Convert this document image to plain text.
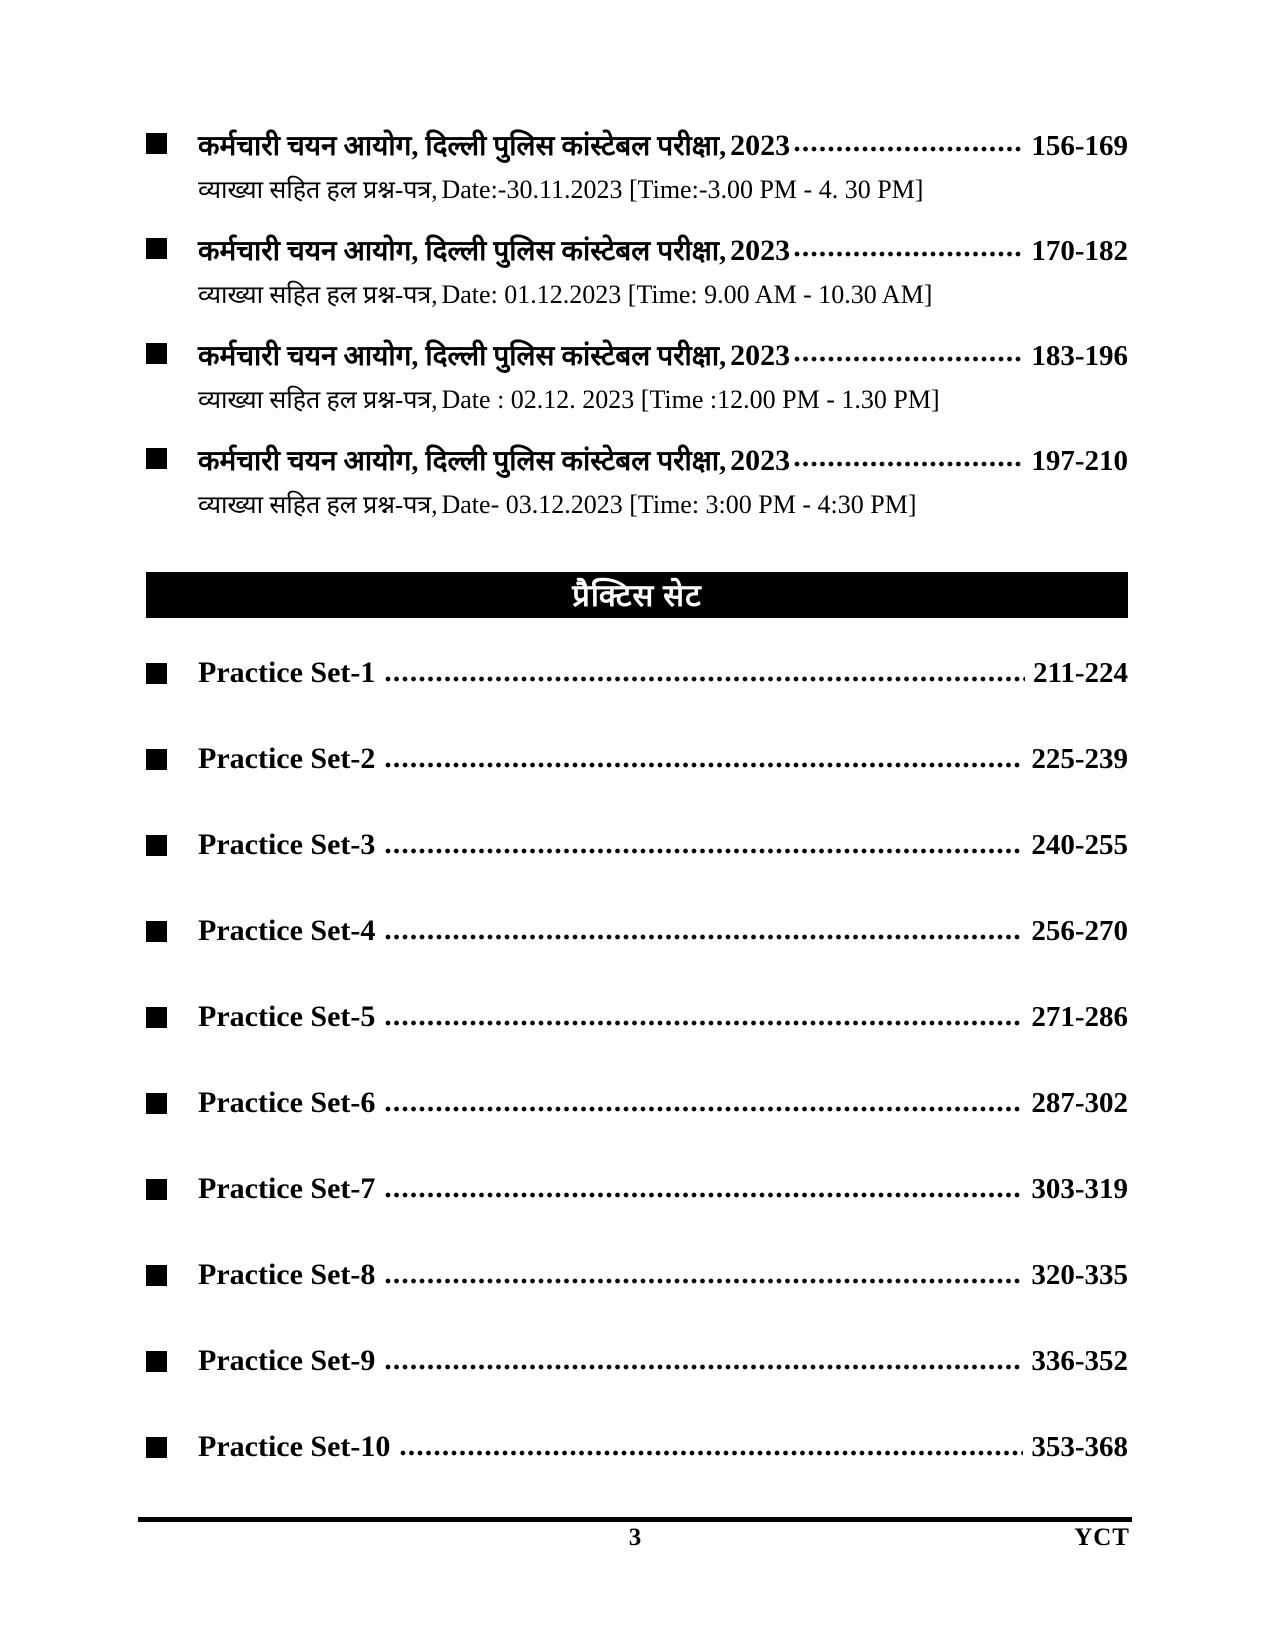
कर्मचारी चयन आयोग, दिल्ली पुलिस कांस्टेबल परीक्षा, 2023	156-169
व्याख्या सहित हल प्रश्न-पत्र, Date:-30.11.2023 [Time:-3.00 PM - 4. 30 PM]
कर्मचारी चयन आयोग, दिल्ली पुलिस कांस्टेबल परीक्षा, 2023	170-182
व्याख्या सहित हल प्रश्न-पत्र, Date: 01.12.2023 [Time: 9.00 AM - 10.30 AM]
कर्मचारी चयन आयोग, दिल्ली पुलिस कांस्टेबल परीक्षा, 2023	183-196
व्याख्या सहित हल प्रश्न-पत्र, Date : 02.12. 2023 [Time :12.00 PM - 1.30 PM]
कर्मचारी चयन आयोग, दिल्ली पुलिस कांस्टेबल परीक्षा, 2023	197-210
व्याख्या सहित हल प्रश्न-पत्र, Date- 03.12.2023 [Time: 3:00 PM - 4:30 PM]
प्रैक्टिस सेट
Practice Set-1	211-224
Practice Set-2	225-239
Practice Set-3	240-255
Practice Set-4	256-270
Practice Set-5	271-286
Practice Set-6	287-302
Practice Set-7	303-319
Practice Set-8	320-335
Practice Set-9	336-352
Practice Set-10	353-368
3	YCT
